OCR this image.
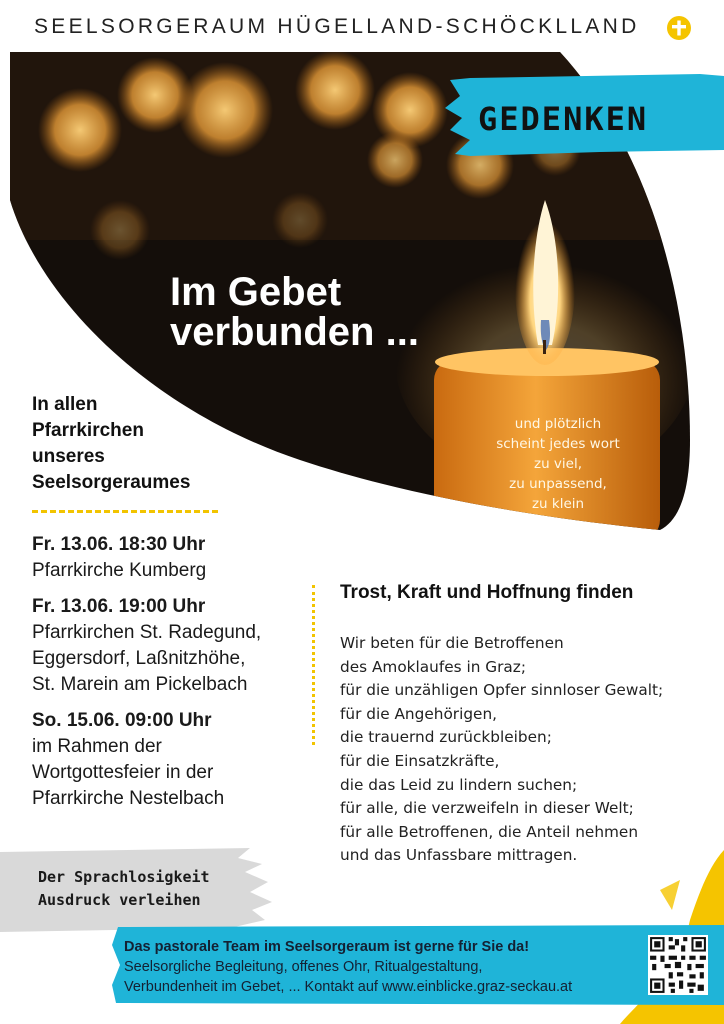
SEELSORGERAUM HÜGELLAND-SCHÖCKLLAND
GEDENKEN
Im Gebet
verbunden ...
und plötzlich
scheint jedes wort
zu viel,
zu unpassend,
zu klein
In allen
Pfarrkirchen
unseres
Seelsorgeraumes
Fr. 13.06. 18:30 Uhr
Pfarrkirche Kumberg
Fr. 13.06. 19:00 Uhr
Pfarrkirchen St. Radegund,
Eggersdorf, Laßnitzhöhe,
St. Marein am Pickelbach
So. 15.06. 09:00 Uhr
im Rahmen der
Wortgottesfeier in der
Pfarrkirche Nestelbach
Trost, Kraft und Hoffnung finden
Wir beten für die Betroffenen
des Amoklaufes in Graz;
für die unzähligen Opfer sinnloser Gewalt;
für die Angehörigen,
die trauernd zurückbleiben;
für die Einsatzkräfte,
die das Leid zu lindern suchen;
für alle, die verzweifeln in dieser Welt;
für alle Betroffenen, die Anteil nehmen
und das Unfassbare mittragen.
Der Sprachlosigkeit
Ausdruck verleihen
Das pastorale Team im Seelsorgeraum ist gerne für Sie da!
Seelsorgliche Begleitung, offenes Ohr, Ritualgestaltung,
Verbundenheit im Gebet, ... Kontakt auf www.einblicke.graz-seckau.at
